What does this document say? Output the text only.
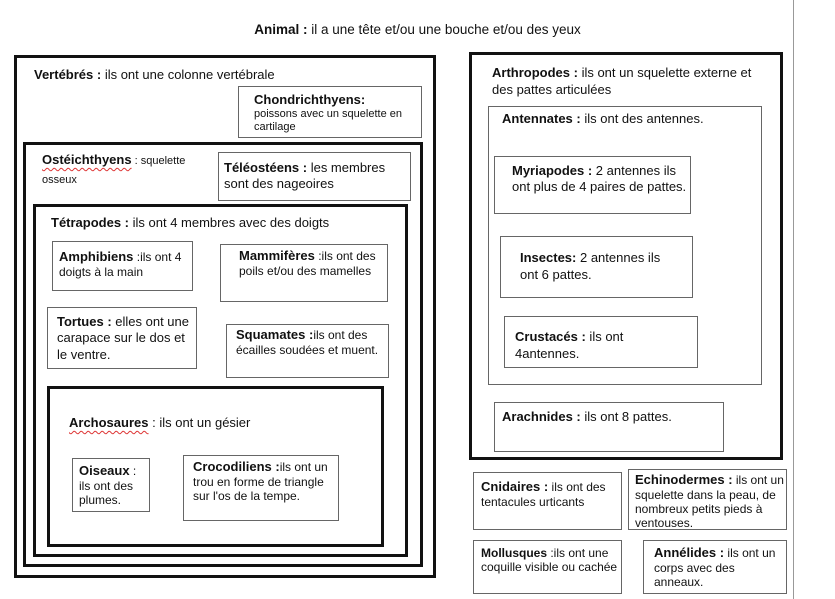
Animal : il a une tête et/ou une bouche et/ou des yeux
Vertébrés : ils ont une colonne vertébrale
Chondrichthyens:
poissons avec un squelette en cartilage
Ostéichthyens : squelette osseux
Téléostéens : les membres sont des nageoires
Tétrapodes : ils ont 4 membres avec des doigts
Amphibiens :ils ont 4 doigts à la main
Mammifères :ils ont des poils et/ou des mamelles
Tortues : elles ont une carapace sur le dos et le ventre.
Squamates :ils ont des écailles soudées et muent.
Archosaures : ils ont un gésier
Oiseaux : ils ont des plumes.
Crocodiliens :ils ont un trou en forme de triangle sur l'os de la tempe.
Arthropodes : ils ont un squelette externe et des pattes articulées
Antennates : ils ont des antennes.
Myriapodes : 2 antennes ils ont plus de 4 paires de pattes.
Insectes: 2 antennes ils ont 6 pattes.
Crustacés : ils ont 4antennes.
Arachnides : ils ont 8 pattes.
Cnidaires : ils ont des tentacules urticants
Echinodermes : ils ont un squelette dans la peau, de nombreux petits pieds à ventouses.
Mollusques :ils ont une coquille visible ou cachée
Annélides : ils ont un corps avec des anneaux.
